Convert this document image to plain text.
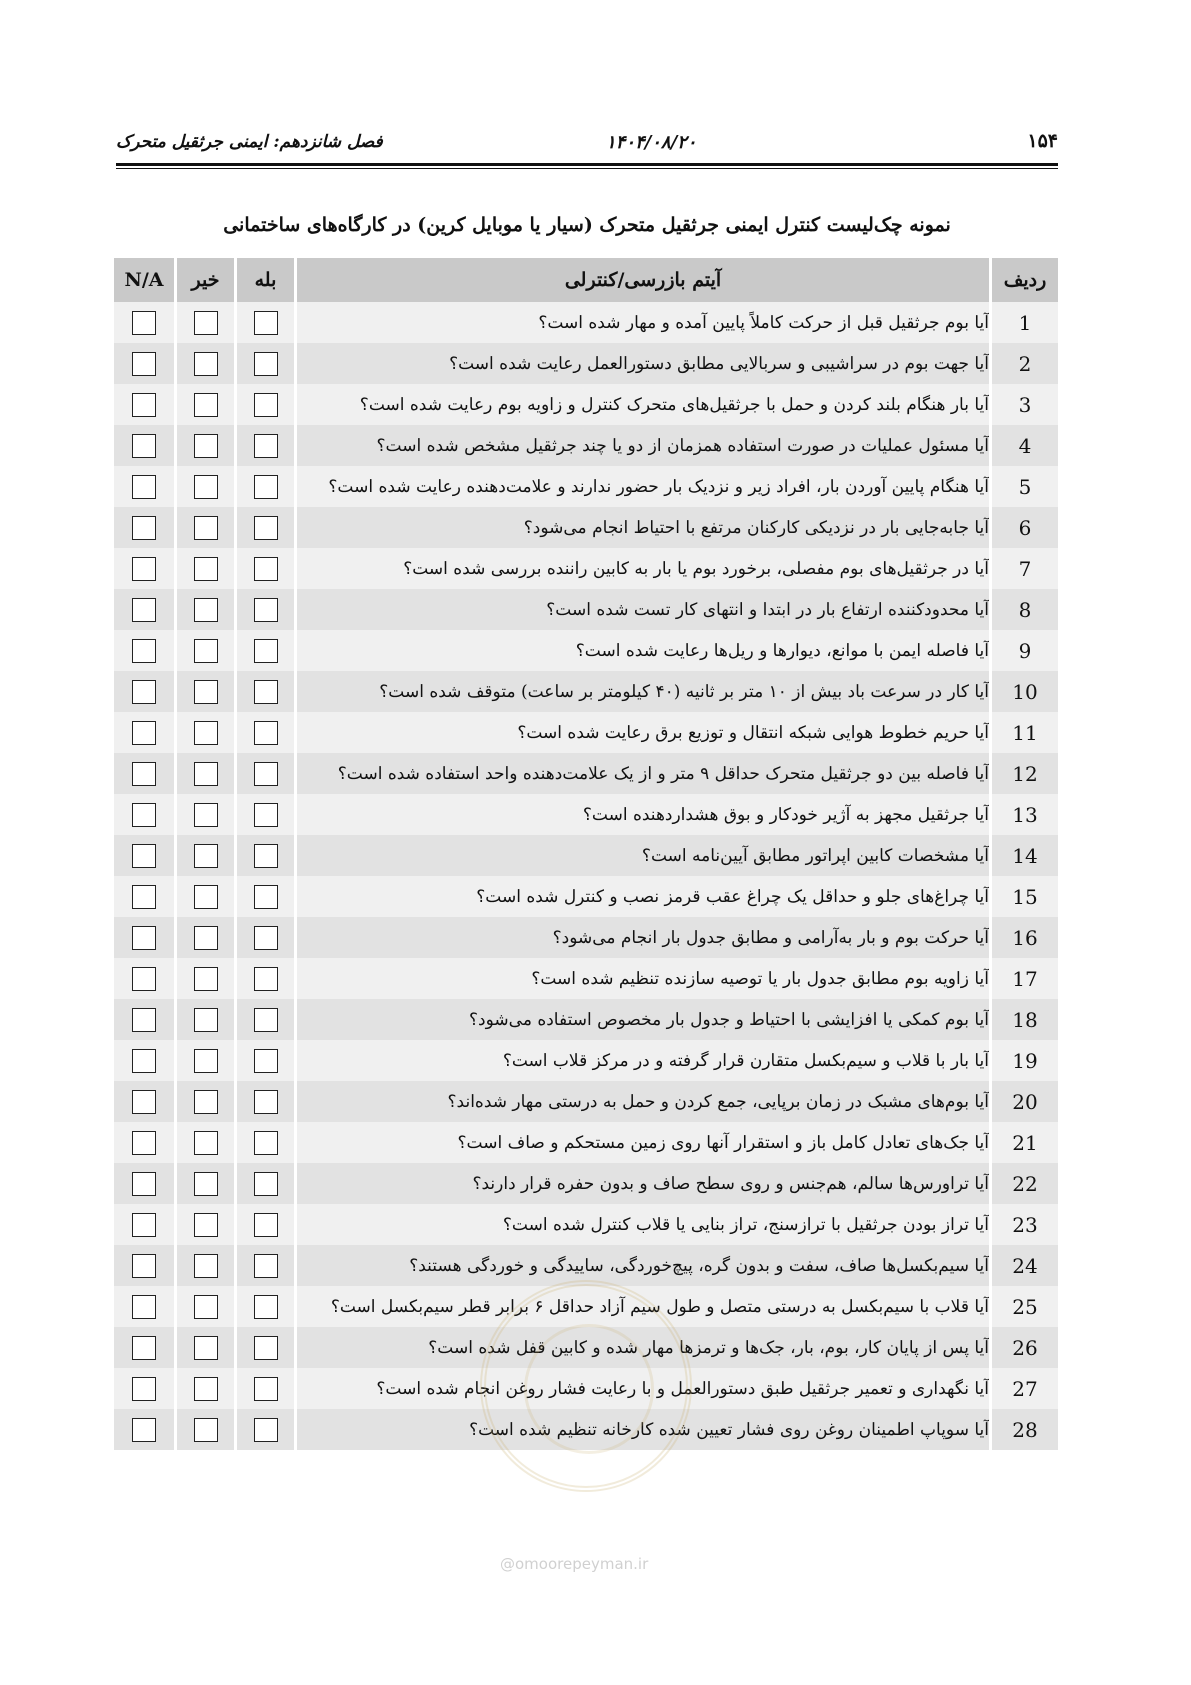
۱۵۴
۱۴۰۴/۰۸/۲۰
فصل شانزدهم: ایمنی جرثقیل متحرک
نمونه چک‌لیست کنترل ایمنی جرثقیل متحرک (سیار یا موبایل کرین) در کارگاه‌های ساختمانی
ردیف	آیتم بازرسی/کنترلی	بله	خیر	N/A
1	آیا بوم جرثقیل قبل از حرکت کاملاً پایین آمده و مهار شده است؟			
2	آیا جهت بوم در سراشیبی و سربالایی مطابق دستورالعمل رعایت شده است؟			
3	آیا بار هنگام بلند کردن و حمل با جرثقیل‌های متحرک کنترل و زاویه بوم رعایت شده است؟			
4	آیا مسئول عملیات در صورت استفاده همزمان از دو یا چند جرثقیل مشخص شده است؟			
5	آیا هنگام پایین آوردن بار، افراد زیر و نزدیک بار حضور ندارند و علامت‌دهنده رعایت شده است؟			
6	آیا جابه‌جایی بار در نزدیکی کارکنان مرتفع با احتیاط انجام می‌شود؟			
7	آیا در جرثقیل‌های بوم مفصلی، برخورد بوم یا بار به کابین راننده بررسی شده است؟			
8	آیا محدودکننده ارتفاع بار در ابتدا و انتهای کار تست شده است؟			
9	آیا فاصله ایمن با موانع، دیوارها و ریل‌ها رعایت شده است؟			
10	آیا کار در سرعت باد بیش از ۱۰ متر بر ثانیه (۴۰ کیلومتر بر ساعت) متوقف شده است؟			
11	آیا حریم خطوط هوایی شبکه انتقال و توزیع برق رعایت شده است؟			
12	آیا فاصله بین دو جرثقیل متحرک حداقل ۹ متر و از یک علامت‌دهنده واحد استفاده شده است؟			
13	آیا جرثقیل مجهز به آژیر خودکار و بوق هشداردهنده است؟			
14	آیا مشخصات کابین اپراتور مطابق آیین‌نامه است؟			
15	آیا چراغ‌های جلو و حداقل یک چراغ عقب قرمز نصب و کنترل شده است؟			
16	آیا حرکت بوم و بار به‌آرامی و مطابق جدول بار انجام می‌شود؟			
17	آیا زاویه بوم مطابق جدول بار یا توصیه سازنده تنظیم شده است؟			
18	آیا بوم کمکی یا افزایشی با احتیاط و جدول بار مخصوص استفاده می‌شود؟			
19	آیا بار با قلاب و سیم‌بکسل متقارن قرار گرفته و در مرکز قلاب است؟			
20	آیا بوم‌های مشبک در زمان برپایی، جمع کردن و حمل به درستی مهار شده‌اند؟			
21	آیا جک‌های تعادل کامل باز و استقرار آنها روی زمین مستحکم و صاف است؟			
22	آیا تراورس‌ها سالم، هم‌جنس و روی سطح صاف و بدون حفره قرار دارند؟			
23	آیا تراز بودن جرثقیل با ترازسنج، تراز بنایی یا قلاب کنترل شده است؟			
24	آیا سیم‌بکسل‌ها صاف، سفت و بدون گره، پیچ‌خوردگی، ساییدگی و خوردگی هستند؟			
25	آیا قلاب با سیم‌بکسل به درستی متصل و طول سیم آزاد حداقل ۶ برابر قطر سیم‌بکسل است؟			
26	آیا پس از پایان کار، بوم، بار، جک‌ها و ترمزها مهار شده و کابین قفل شده است؟			
27	آیا نگهداری و تعمیر جرثقیل طبق دستورالعمل و با رعایت فشار روغن انجام شده است؟			
28	آیا سوپاپ اطمینان روغن روی فشار تعیین شده کارخانه تنظیم شده است؟			
@omoorepeyman.ir
